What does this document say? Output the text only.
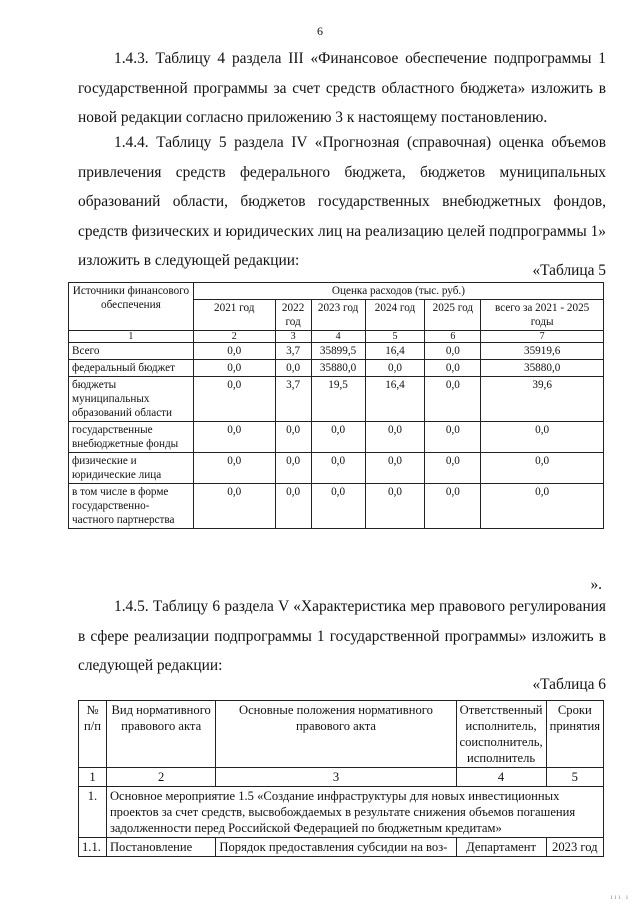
6

1.4.3. Таблицу 4 раздела III «Финансовое обеспечение подпрограммы 1 государственной программы за счет средств областного бюджета» изложить в новой редакции согласно приложению 3 к настоящему постановлению.

1.4.4. Таблицу 5 раздела IV «Прогнозная (справочная) оценка объемов привлечения средств федерального бюджета, бюджетов муниципальных образований области, бюджетов государственных внебюджетных фондов, средств физических и юридических лиц на реализацию целей подпрограммы 1» изложить в следующей редакции:

«Таблица 5
Источники финансового обеспечения	Оценка расходов (тыс. руб.)					
	2021 год	2022 год	2023 год	2024 год	2025 год	всего за 2021 - 2025 годы
1	2	3	4	5	6	7
Всего	0,0	3,7	35899,5	16,4	0,0	35919,6
федеральный бюджет	0,0	0,0	35880,0	0,0	0,0	35880,0
бюджеты муниципальных образований области	0,0	3,7	19,5	16,4	0,0	39,6
государственные внебюджетные фонды	0,0	0,0	0,0	0,0	0,0	0,0
физические и юридические лица	0,0	0,0	0,0	0,0	0,0	0,0
в том числе в форме государственно-частного партнерства	0,0	0,0	0,0	0,0	0,0	0,0
».

1.4.5. Таблицу 6 раздела V «Характеристика мер правового регулирования в сфере реализации подпрограммы 1 государственной программы» изложить в следующей редакции:

«Таблица 6
№ п/п	Вид нормативного правового акта	Основные положения нормативного правового акта	Ответственный исполнитель, соисполнитель, исполнитель	Сроки принятия
1	2	3	4	5
1.	Основное мероприятие 1.5 «Создание инфраструктуры для новых инвестиционных проектов за счет средств, высвобождаемых в результате снижения объемов погашения задолженности перед Российской Федерацией по бюджетным кредитам»			
1.1.	Постановление	Порядок предоставления субсидии на воз-	Департамент	2023 год
ııı ı
